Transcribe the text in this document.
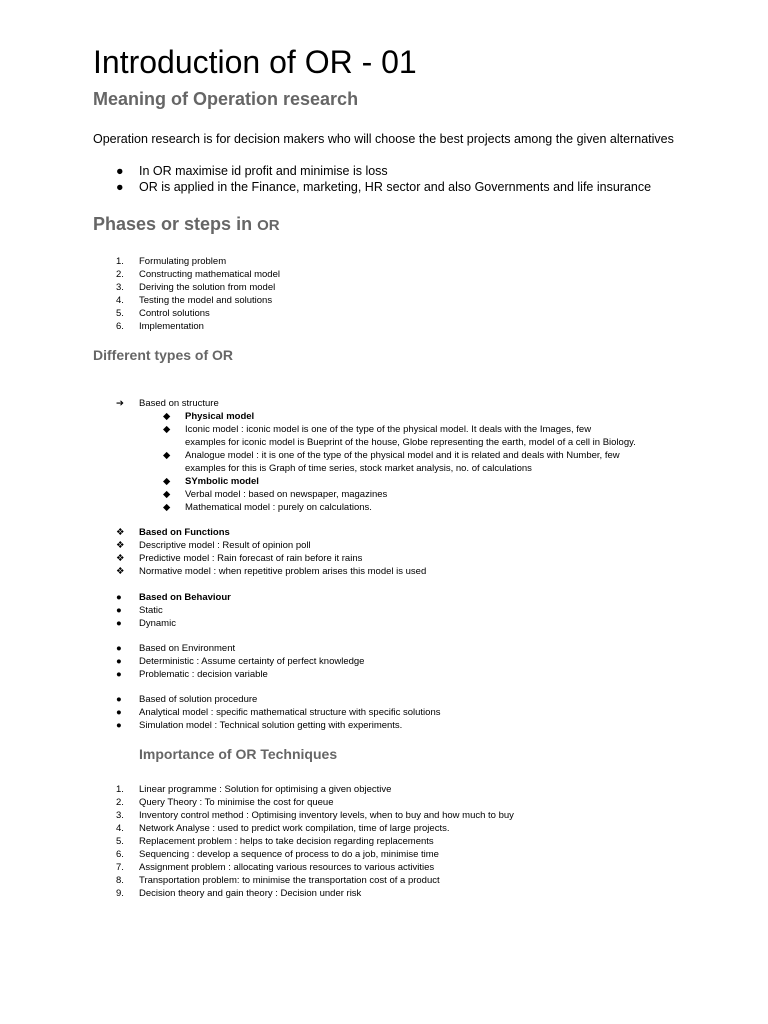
Introduction of OR - 01
Meaning of Operation research
Operation research is for decision makers who will choose the best projects among the given alternatives
● In OR maximise id profit and minimise is loss
● OR is applied in the Finance, marketing, HR sector and also Governments and life insurance
Phases or steps in OR
1.	Formulating problem
2.	Constructing mathematical model
3.	Deriving the solution from model
4.	Testing the model and solutions
5.	Control solutions
6.	Implementation
Different types of OR
➔ Based on structure
◆ Physical model
◆ Iconic model : iconic model is one of the type of the physical model. It deals with the Images, few
examples for iconic model is Bueprint of the house, Globe representing the earth, model of a cell in Biology.
◆ Analogue model : it is one of the type of the physical model and it is related and deals with Number, few
examples for this is Graph of time series, stock market analysis, no. of calculations
◆ SYmbolic model
◆ Verbal model : based on newspaper, magazines
◆ Mathematical model : purely on calculations.
❖ Based on Functions
❖ Descriptive model : Result of opinion poll
❖ Predictive model : Rain forecast of rain before it rains
❖ Normative model : when repetitive problem arises this model is used
● Based on Behaviour
● Static
● Dynamic
● Based on Environment
● Deterministic : Assume certainty of perfect knowledge
● Problematic : decision variable
● Based of solution procedure
● Analytical model : specific mathematical structure with specific solutions
● Simulation model : Technical solution getting with experiments.
Importance of OR Techniques
1.	Linear programme : Solution for optimising a given objective
2.	Query Theory : To minimise the cost for queue
3.	Inventory control method : Optimising inventory levels, when to buy and how much to buy
4.	Network Analyse : used to predict work compilation, time of large projects.
5.	Replacement problem : helps to take decision regarding replacements
6.	Sequencing : develop a sequence of process to do a job, minimise time
7.	Assignment problem : allocating various resources to various activities
8.	Transportation problem: to minimise the transportation cost of a product
9.	Decision theory and gain theory : Decision under risk
